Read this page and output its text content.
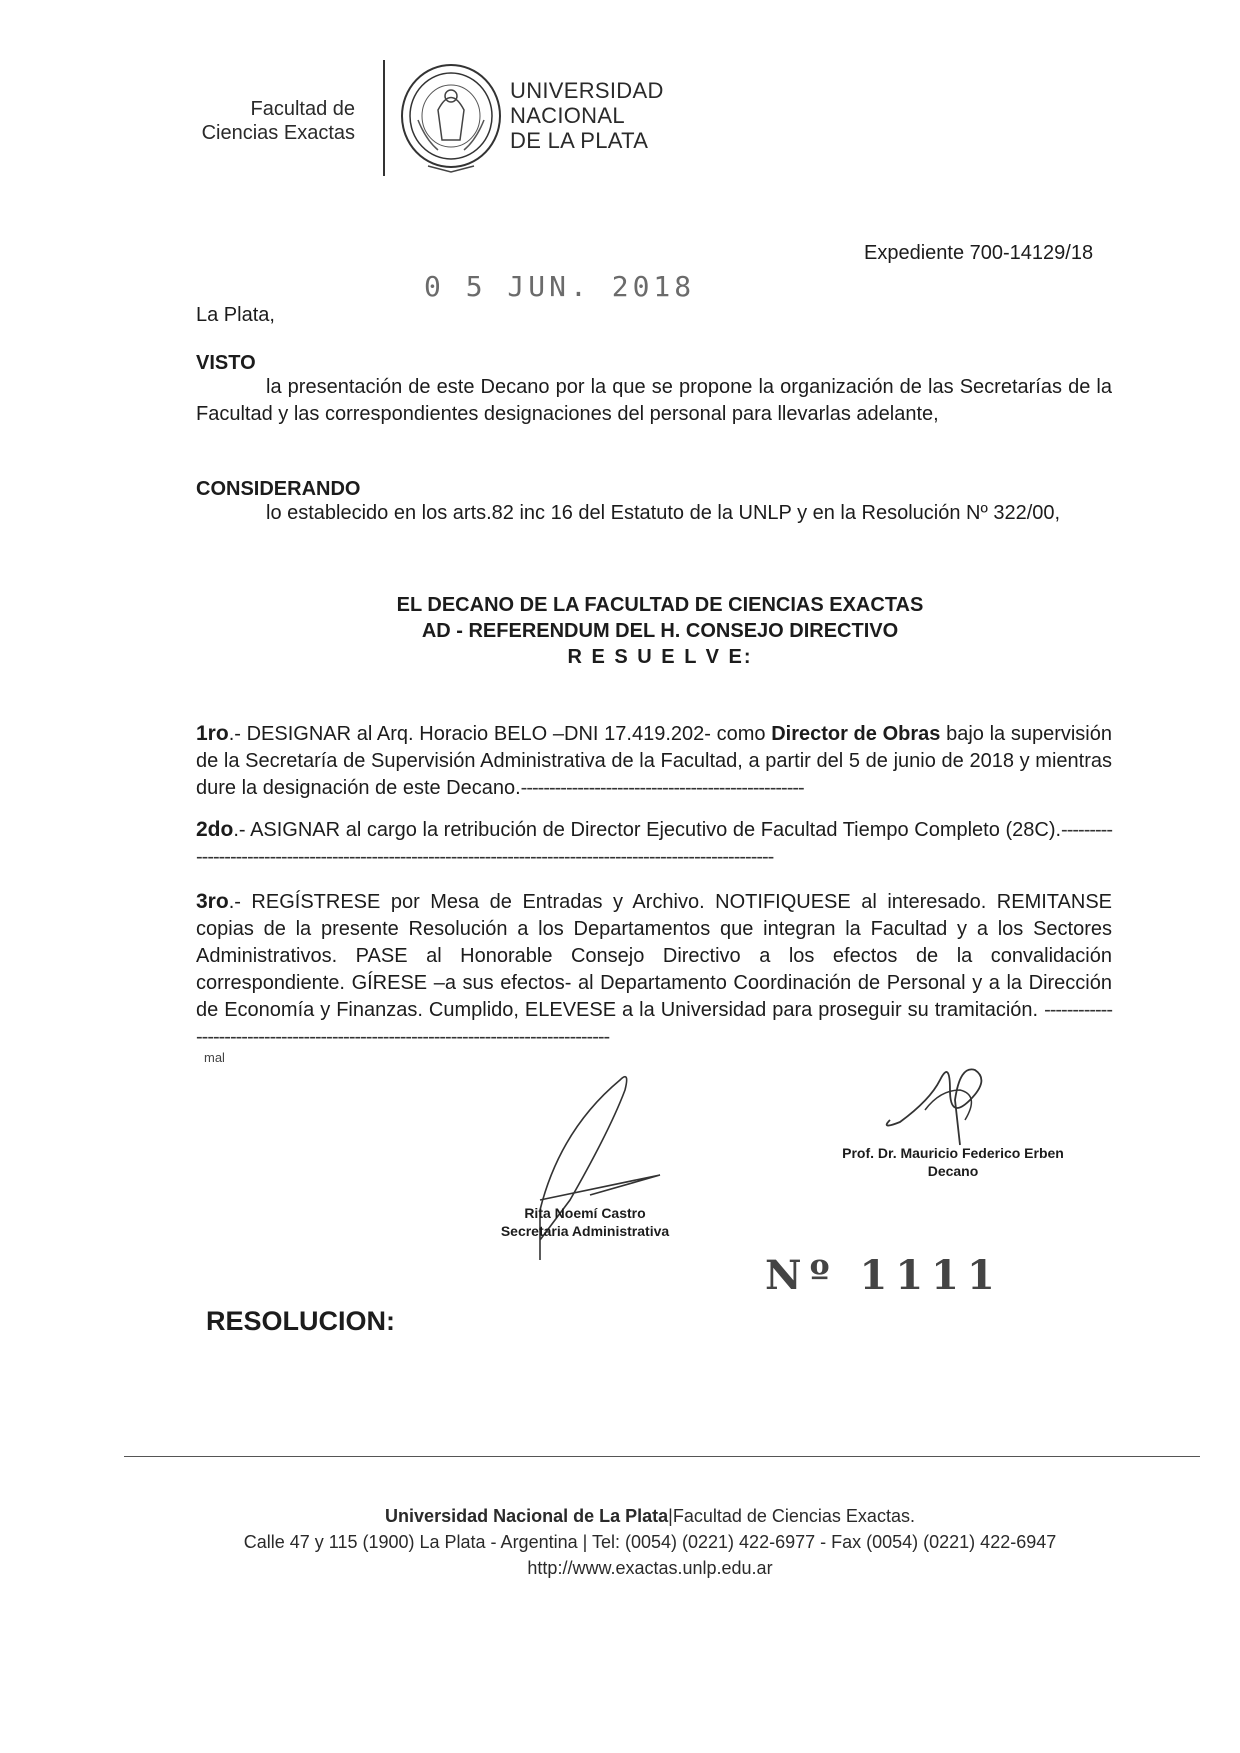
Facultad de
Ciencias Exactas
UNIVERSIDAD
NACIONAL
DE LA PLATA
Expediente 700-14129/18
0 5 JUN. 2018
La Plata,
VISTO
la presentación de este Decano por la que se propone la organización de las Secretarías de la Facultad y las correspondientes designaciones del personal para llevarlas adelante,
CONSIDERANDO
lo establecido en los arts.82 inc 16 del Estatuto de la UNLP y en la Resolución Nº 322/00,
EL DECANO DE LA FACULTAD DE CIENCIAS EXACTAS
AD - REFERENDUM DEL H. CONSEJO DIRECTIVO
R E S U E L V E:
1ro.- DESIGNAR al Arq. Horacio BELO –DNI 17.419.202- como Director de Obras bajo la supervisión de la Secretaría de Supervisión Administrativa de la Facultad, a partir del 5 de junio de 2018 y mientras dure la designación de este Decano.--------------------------------------------------
2do.- ASIGNAR al cargo la retribución de Director Ejecutivo de Facultad Tiempo Completo (28C).---------------------------------------------------------------------------------------------------------------
3ro.- REGÍSTRESE por Mesa de Entradas y Archivo. NOTIFIQUESE al interesado. REMITANSE copias de la presente Resolución a los Departamentos que integran la Facultad y a los Sectores Administrativos. PASE al Honorable Consejo Directivo a los efectos de la convalidación correspondiente. GÍRESE –a sus efectos- al Departamento Coordinación de Personal y a la Dirección de Economía y Finanzas. Cumplido, ELEVESE a la Universidad para proseguir su tramitación. -------------------------------------------------------------------------------------
mal
Prof. Dr. Mauricio Federico Erben
Decano
Rita Noemí Castro
Secretaria Administrativa
Nº 1111
RESOLUCION:
Universidad Nacional de La Plata|Facultad de Ciencias Exactas.
Calle 47 y 115 (1900) La Plata - Argentina | Tel: (0054) (0221) 422-6977 - Fax (0054) (0221) 422-6947
http://www.exactas.unlp.edu.ar
